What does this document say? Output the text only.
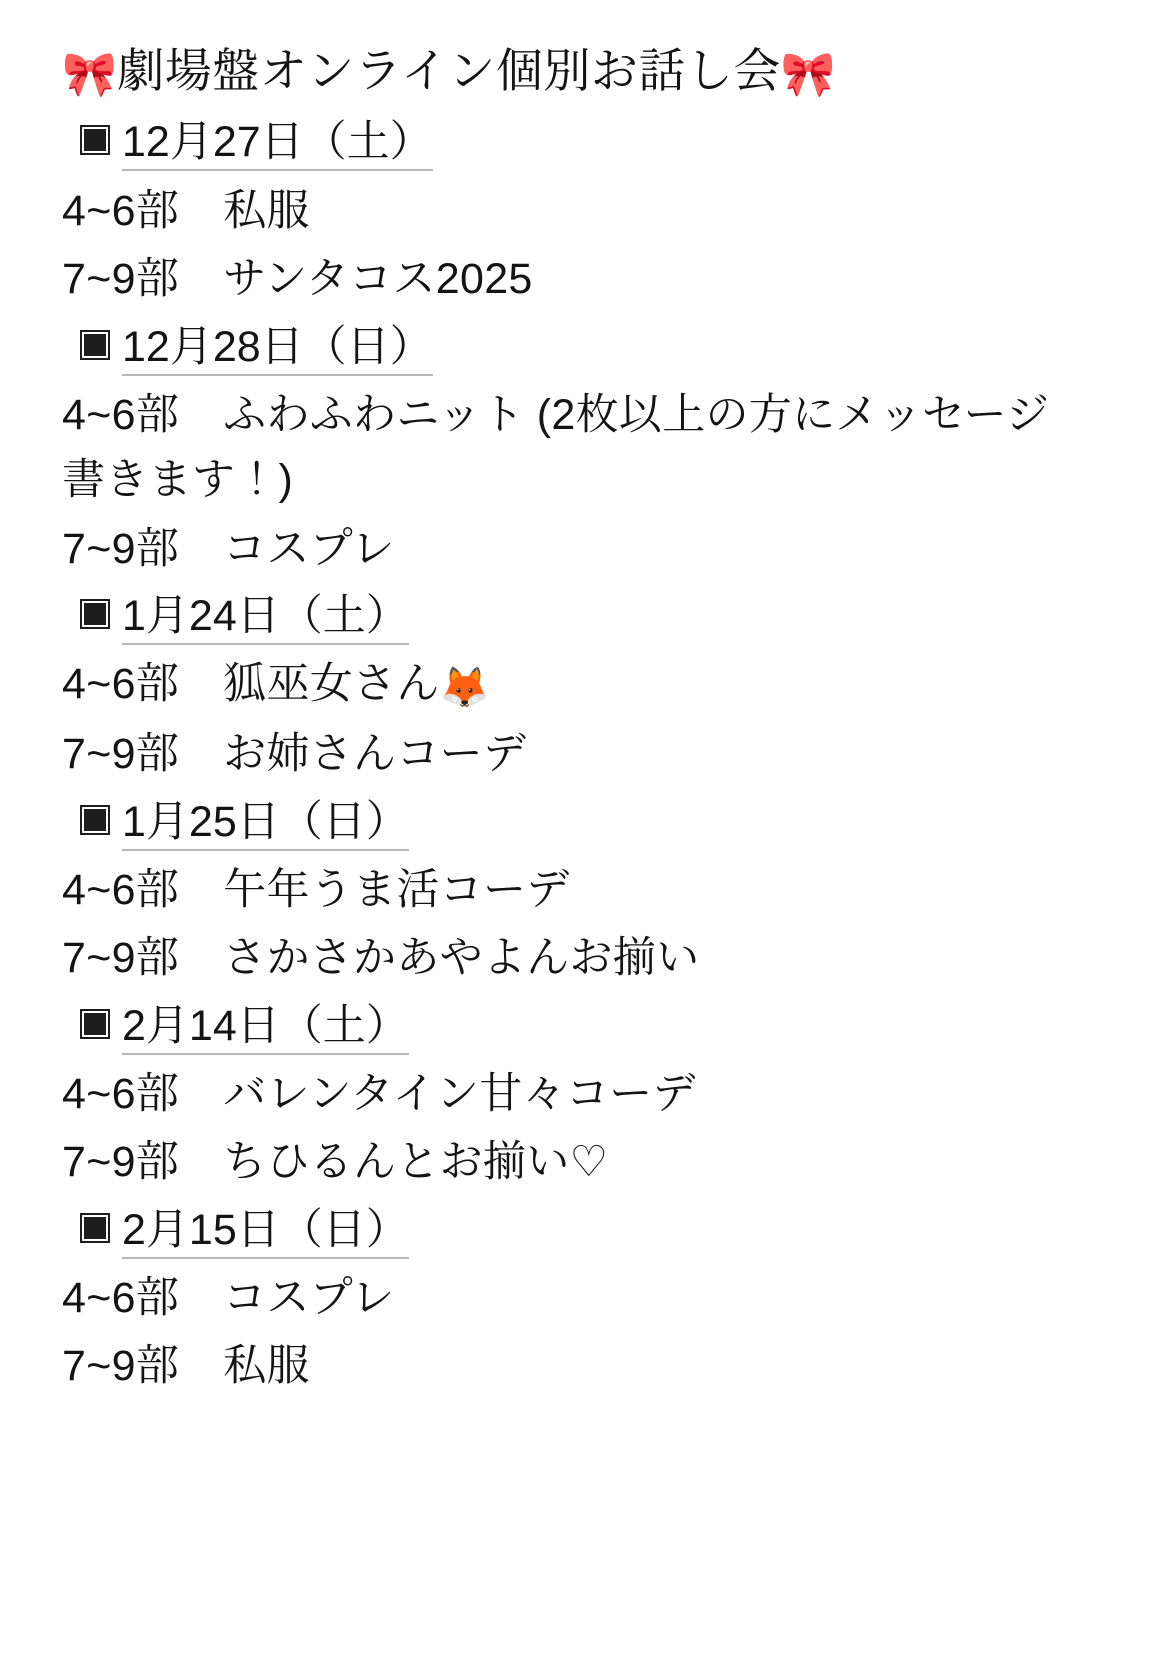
🎀劇場盤オンライン個別お話し会🎀
12月27日（土）
4~6部 私服
7~9部 サンタコス2025
12月28日（日）
4~6部 ふわふわニット (2枚以上の方にメッセージ書きます！)
7~9部 コスプレ
1月24日（土）
4~6部 狐巫女さん🦊
7~9部 お姉さんコーデ
1月25日（日）
4~6部 午年うま活コーデ
7~9部 さかさかあやよんお揃い
2月14日（土）
4~6部 バレンタイン甘々コーデ
7~9部 ちひるんとお揃い♡
2月15日（日）
4~6部 コスプレ
7~9部 私服
